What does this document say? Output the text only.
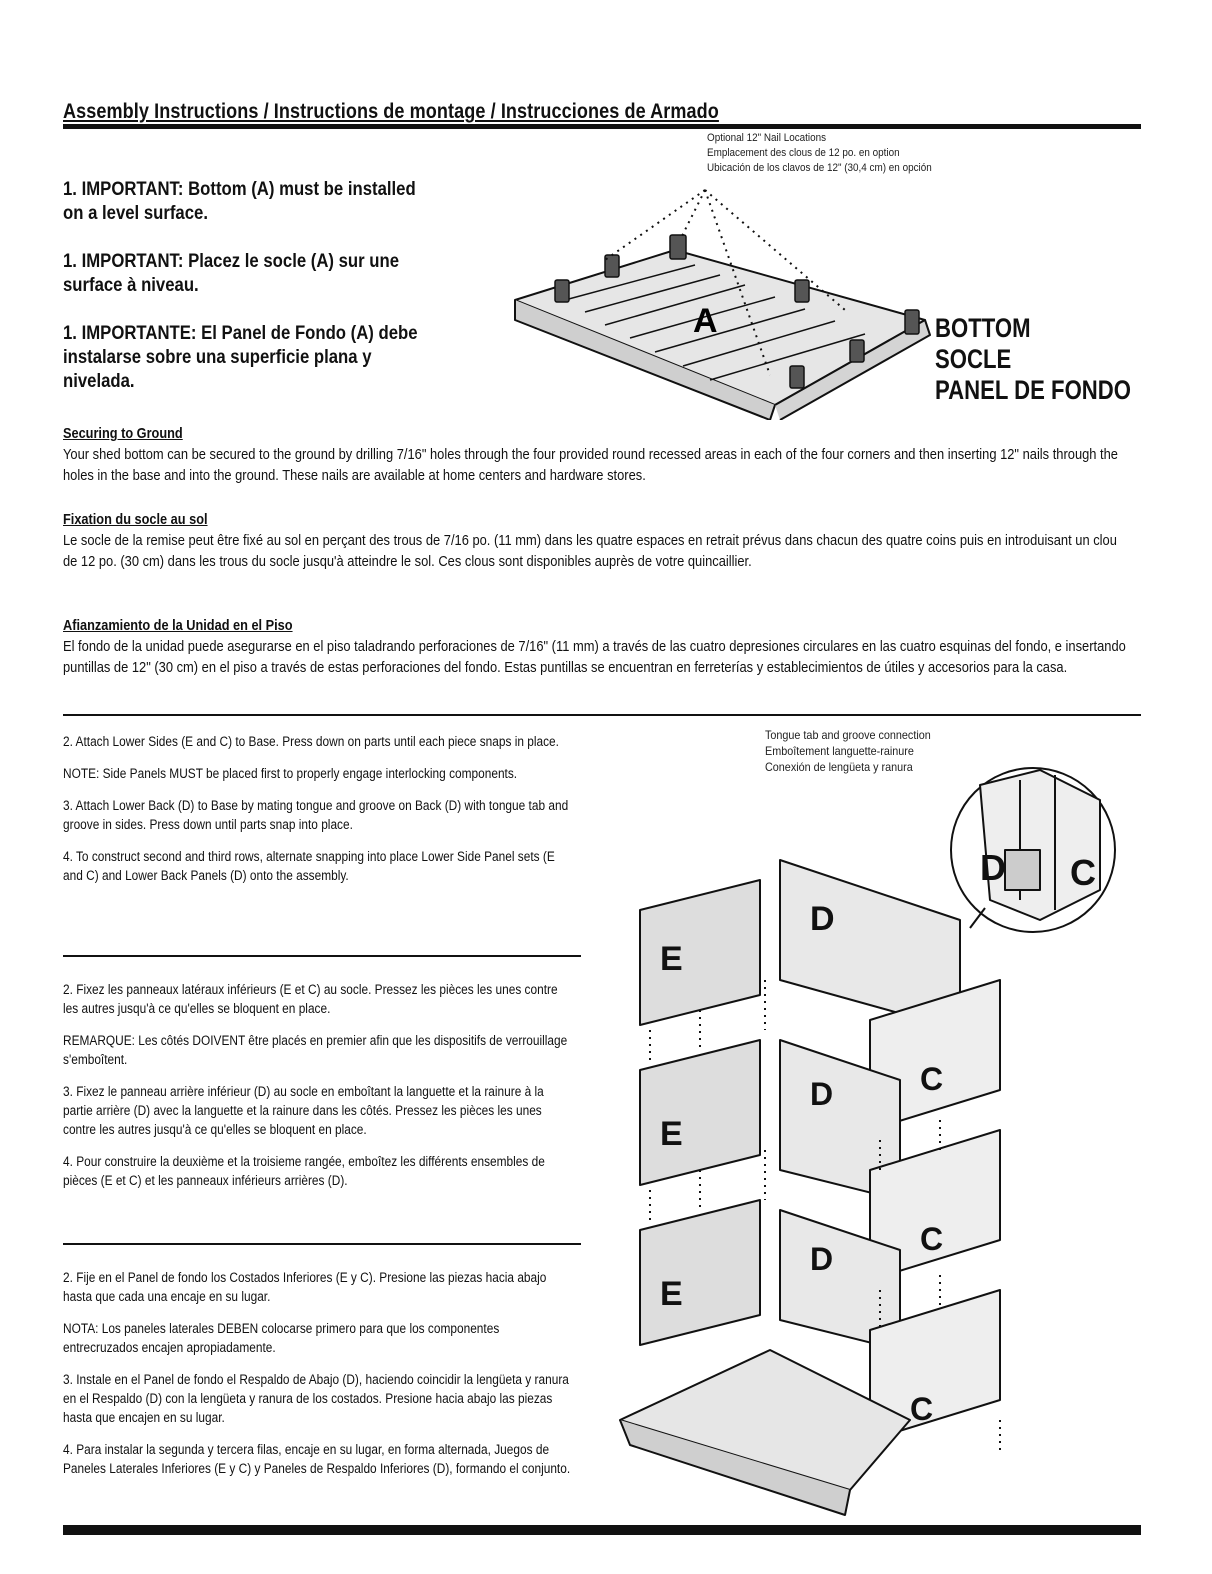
Assembly Instructions / Instructions de montage / Instrucciones de Armado
Optional 12" Nail Locations
Emplacement des clous de 12 po. en option
Ubicación de los clavos de 12" (30,4 cm) en opción
1. IMPORTANT: Bottom (A) must be installed on a level surface.
1. IMPORTANT: Placez le socle (A) sur une surface à niveau.
1. IMPORTANTE: El Panel de Fondo (A) debe instalarse sobre una superficie plana y nivelada.
A	BOTTOM
SOCLE
PANEL DE FONDO
Securing to Ground
Your shed bottom can be secured to the ground by drilling 7/16" holes through the four provided round recessed areas in each of the four corners and then inserting 12" nails through the holes in the base and into the ground. These nails are available at home centers and hardware stores.
Fixation du socle au sol
Le socle de la remise peut être fixé au sol en perçant des trous de 7/16 po. (11 mm) dans les quatre espaces en retrait prévus dans chacun des quatre coins puis en introduisant un clou de 12 po. (30 cm) dans les trous du socle jusqu'à atteindre le sol. Ces clous sont disponibles auprès de votre quincaillier.
Afianzamiento de la Unidad en el Piso
El fondo de la unidad puede asegurarse en el piso taladrando perforaciones de 7/16" (11 mm) a través de las cuatro depresiones circulares en las cuatro esquinas del fondo, e insertando puntillas de 12" (30 cm) en el piso a través de estas perforaciones del fondo. Estas puntillas se encuentran en ferreterías y establecimientos de útiles y accesorios para la casa.

2. Attach Lower Sides (E and C) to Base. Press down on parts until each piece snaps in place.

NOTE: Side Panels MUST be placed first to properly engage interlocking components.

3. Attach Lower Back (D) to Base by mating tongue and groove on Back (D) with tongue tab and groove in sides. Press down until parts snap into place.

4. To construct second and third rows, alternate snapping into place Lower Side Panel sets (E and C) and Lower Back Panels (D) onto the assembly.

2. Fixez les panneaux latéraux inférieurs (E et C) au socle. Pressez les pièces les unes contre les autres jusqu'à ce qu'elles se bloquent en place.

REMARQUE: Les côtés DOIVENT être placés en premier afin que les dispositifs de verrouillage s'emboîtent.

3. Fixez le panneau arrière inférieur (D) au socle en emboîtant la languette et la rainure à la partie arrière (D) avec la languette et la rainure dans les côtés. Pressez les pièces les unes contre les autres jusqu'à ce qu'elles se bloquent en place.

4. Pour construire la deuxième et la troisieme rangée, emboîtez les différents ensembles de pièces (E et C) et les panneaux inférieurs arrières (D).

2. Fije en el Panel de fondo los Costados Inferiores (E y C). Presione las piezas hacia abajo hasta que cada una encaje en su lugar.

NOTA: Los paneles laterales DEBEN colocarse primero para que los componentes entrecruzados encajen apropiadamente.

3. Instale en el Panel de fondo el Respaldo de Abajo (D), haciendo coincidir la lengüeta y ranura en el Respaldo (D) con la lengüeta y ranura de los costados. Presione hacia abajo las piezas hasta que encajen en su lugar.

4. Para instalar la segunda y tercera filas, encaje en su lugar, en forma alternada, Juegos de Paneles Laterales Inferiores (E y C) y Paneles de Respaldo Inferiores (D), formando el conjunto.

Tongue tab and groove connection
Emboîtement languette-rainure
Conexión de lengüeta y ranura
E
D
D C
C
E
D
C
E
D
C
